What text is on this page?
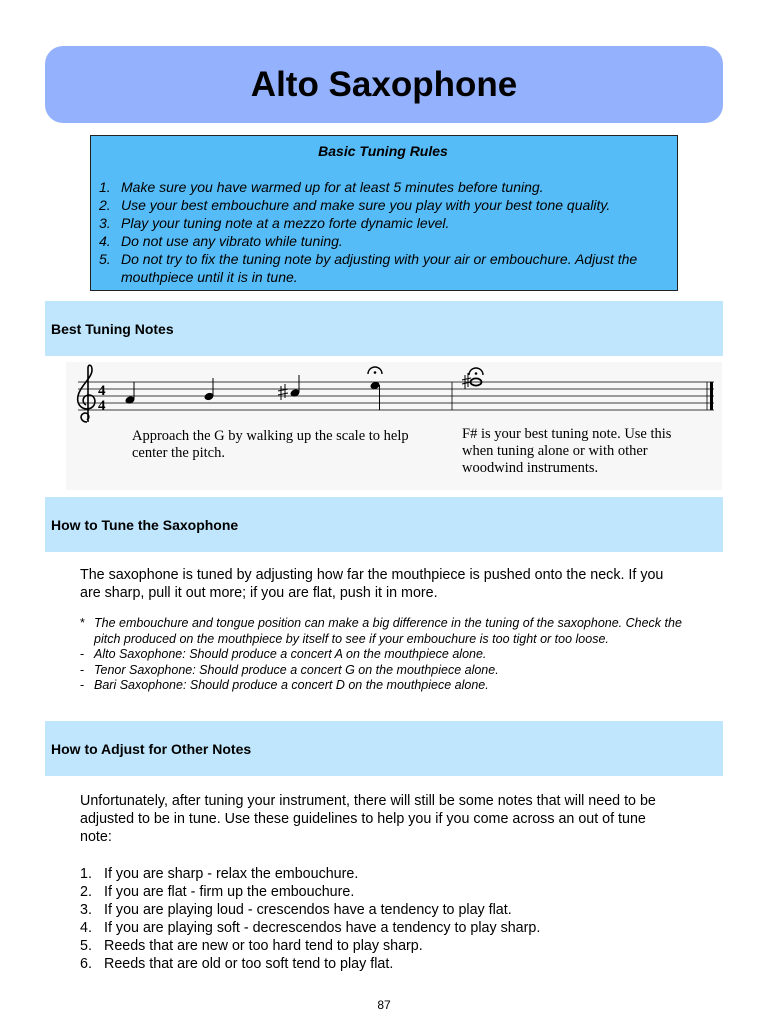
Alto Saxophone
Basic Tuning Rules
1. Make sure you have warmed up for at least 5 minutes before tuning.
2. Use your best embouchure and make sure you play with your best tone quality.
3. Play your tuning note at a mezzo forte dynamic level.
4. Do not use any vibrato while tuning.
5. Do not try to fix the tuning note by adjusting with your air or embouchure. Adjust the mouthpiece until it is in tune.
Best Tuning Notes
4
4
Approach the G by walking up the scale to help center the pitch.
F# is your best tuning note. Use this when tuning alone or with other woodwind instruments.
How to Tune the Saxophone

The saxophone is tuned by adjusting how far the mouthpiece is pushed onto the neck. If you are sharp, pull it out more; if you are flat, push it in more.

* The embouchure and tongue position can make a big difference in the tuning of the saxophone. Check the pitch produced on the mouthpiece by itself to see if your embouchure is too tight or too loose.
- Alto Saxophone: Should produce a concert A on the mouthpiece alone.
- Tenor Saxophone: Should produce a concert G on the mouthpiece alone.
- Bari Saxophone: Should produce a concert D on the mouthpiece alone.
How to Adjust for Other Notes

Unfortunately, after tuning your instrument, there will still be some notes that will need to be adjusted to be in tune. Use these guidelines to help you if you come across an out of tune note:

1. If you are sharp - relax the embouchure.
2. If you are flat - firm up the embouchure.
3. If you are playing loud - crescendos have a tendency to play flat.
4. If you are playing soft - decrescendos have a tendency to play sharp.
5. Reeds that are new or too hard tend to play sharp.
6. Reeds that are old or too soft tend to play flat.
87
